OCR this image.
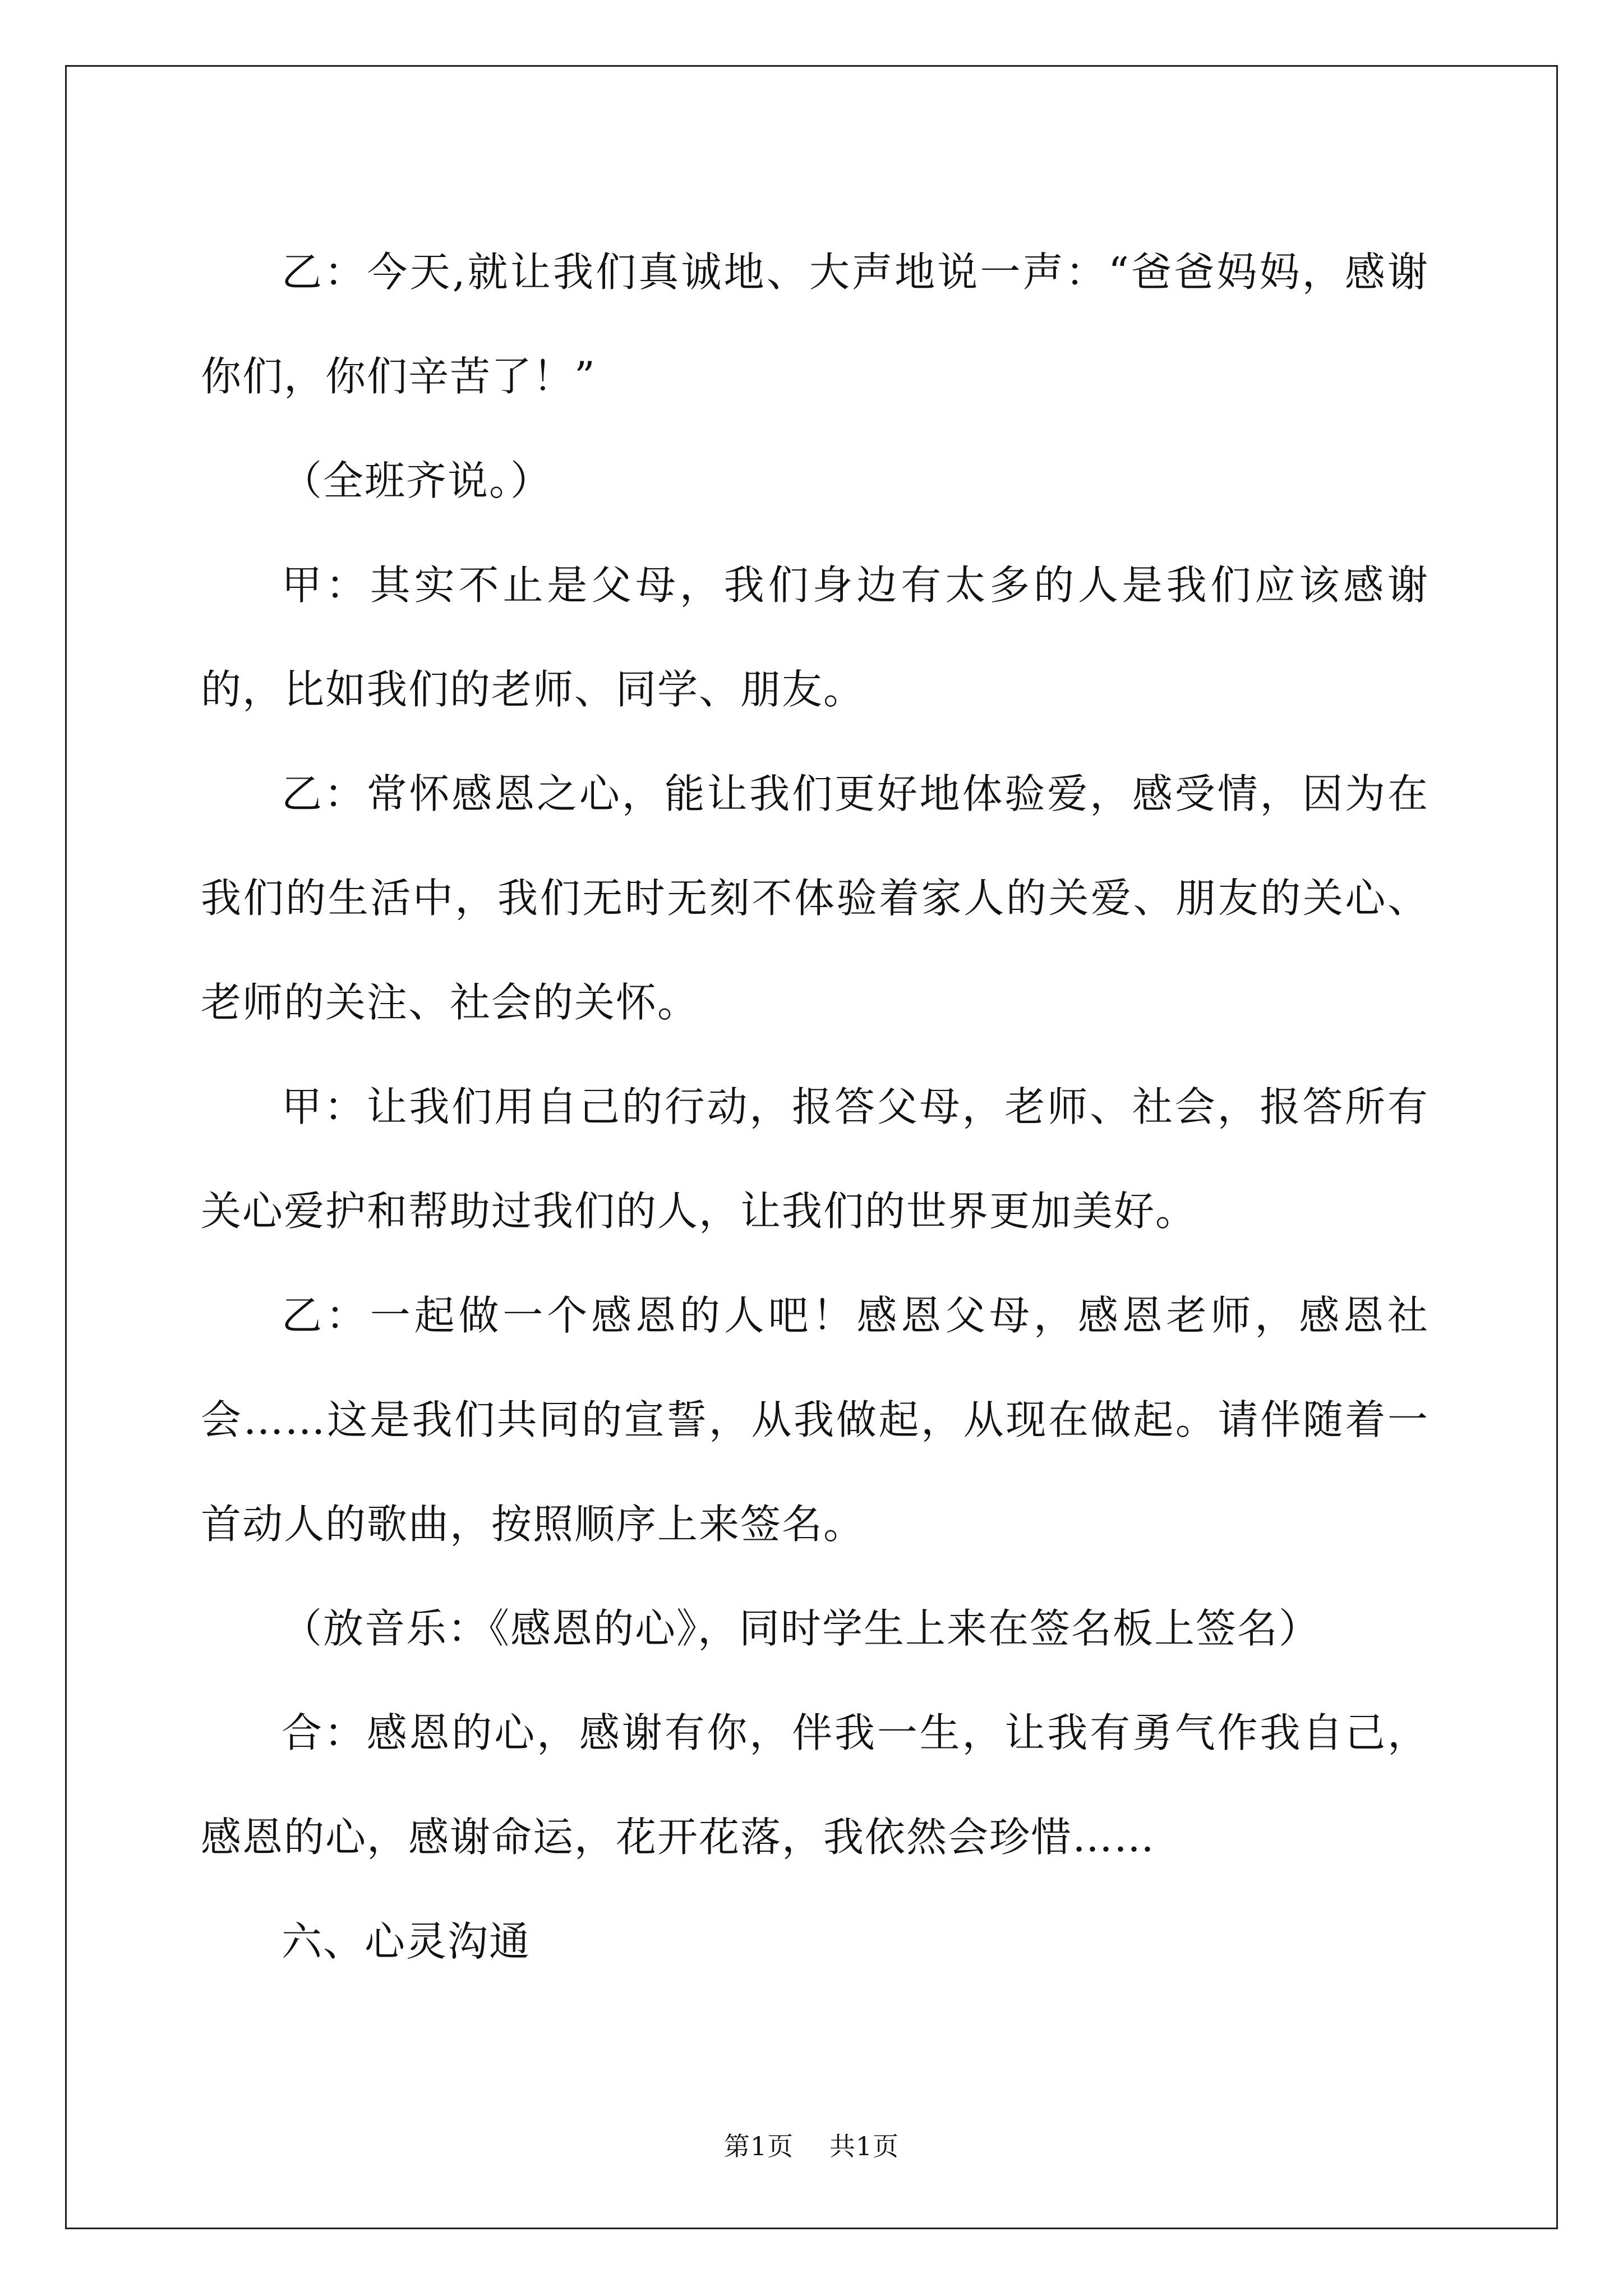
乙：今天,就让我们真诚地、大声地说一声：“爸爸妈妈，感谢你们，你们辛苦了！”

（全班齐说。）

甲：其实不止是父母，我们身边有太多的人是我们应该感谢的，比如我们的老师、同学、朋友。

乙：常怀感恩之心，能让我们更好地体验爱，感受情，因为在我们的生活中，我们无时无刻不体验着家人的关爱、朋友的关心、老师的关注、社会的关怀。

甲：让我们用自己的行动，报答父母，老师、社会，报答所有关心爱护和帮助过我们的人，让我们的世界更加美好。

乙：一起做一个感恩的人吧！感恩父母，感恩老师，感恩社会……这是我们共同的宣誓，从我做起，从现在做起。请伴随着一首动人的歌曲，按照顺序上来签名。

（放音乐：《感恩的心》，同时学生上来在签名板上签名）

合：感恩的心，感谢有你，伴我一生，让我有勇气作我自己，感恩的心，感谢命运，花开花落，我依然会珍惜……

六、心灵沟通

第1页 共1页
